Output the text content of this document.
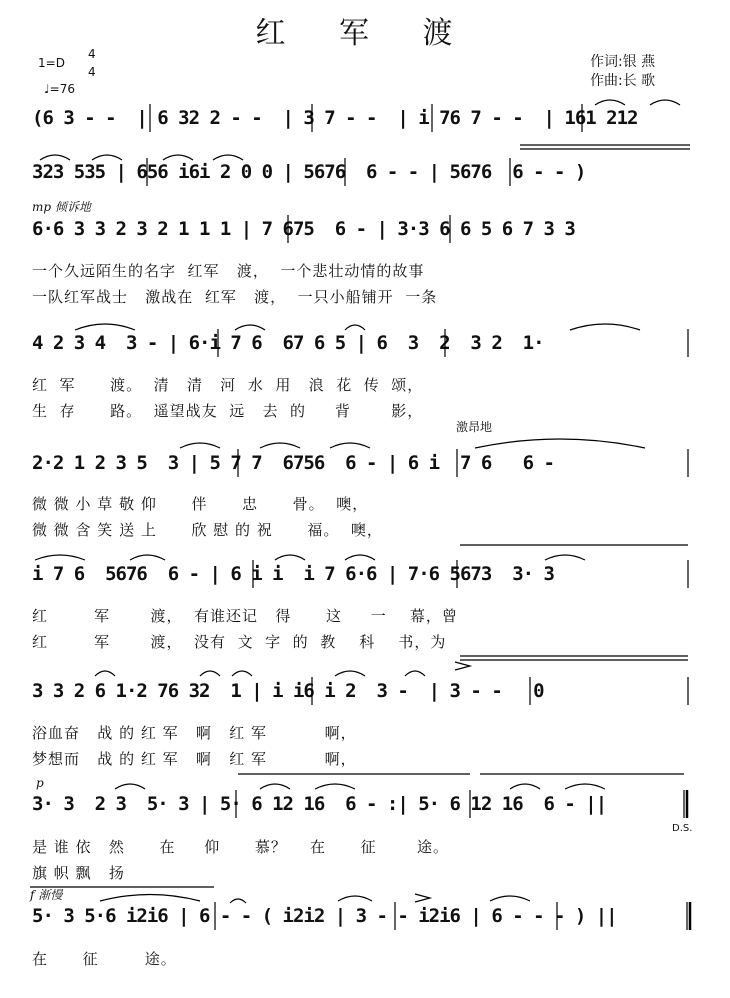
红 军 渡
1=D
4
4
♩=76
作词:银 燕
作曲:长 歌
mp 倾诉地
激昂地
p
f 渐慢
D.S.
(6 3 - -  | 6 32 2 - -  | 3 7 - -  | i 76 7 - -  | 161 212
323 535 | 656 i6i 2 0 0 | 5676  6 - - | 5676  6 - - )
6·6 3 3 2 3 2 1 1 1 | 7 675  6 - | 3·3 6 6 5 6 7 3 3
4 2 3 4  3 - | 6·i 7 6  67 6 5 | 6  3  2  3 2  1·
2·2 1 2 3 5  3 | 5 7 7  6756  6 - | 6 i  7 6   6 -
i 7 6  5676  6 - | 6 i i  i 7 6·6 | 7·6 5673  3· 3
3 3 2 6 1·2 76 32  1 | i i6 i 2  3 -  | 3 - -   0
3· 3  2 3  5· 3 | 5· 6 12 16  6 - :| 5· 6 12 16  6 - ||
5· 3 5·6 i2i6 | 6 - - ( i2i2 | 3 - - i2i6 | 6 - - - ) ||
一个久远陌生的名字  红军   渡，  一个悲壮动情的故事
一队红军战士   激战在  红军   渡，  一只小船铺开  一条
红  军      渡。  清   清   河  水  用   浪  花  传  颂，
生  存      路。  遥望战友  远   去  的     背       影，
微 微 小 草 敬 仰      伴      忠      骨。  噢，
微 微 含 笑 送 上      欣 慰 的 祝      福。  噢，
红        军       渡，  有谁还记   得      这     一    幕，曾
红        军       渡，  没有  文  字  的  教    科    书，为
浴血奋   战 的 红 军   啊   红 军          啊，
梦想而   战 的 红 军   啊   红 军          啊，
是 谁 依   然      在     仰      慕？    在      征       途。
旗 帜 飘   扬
在      征        途。
